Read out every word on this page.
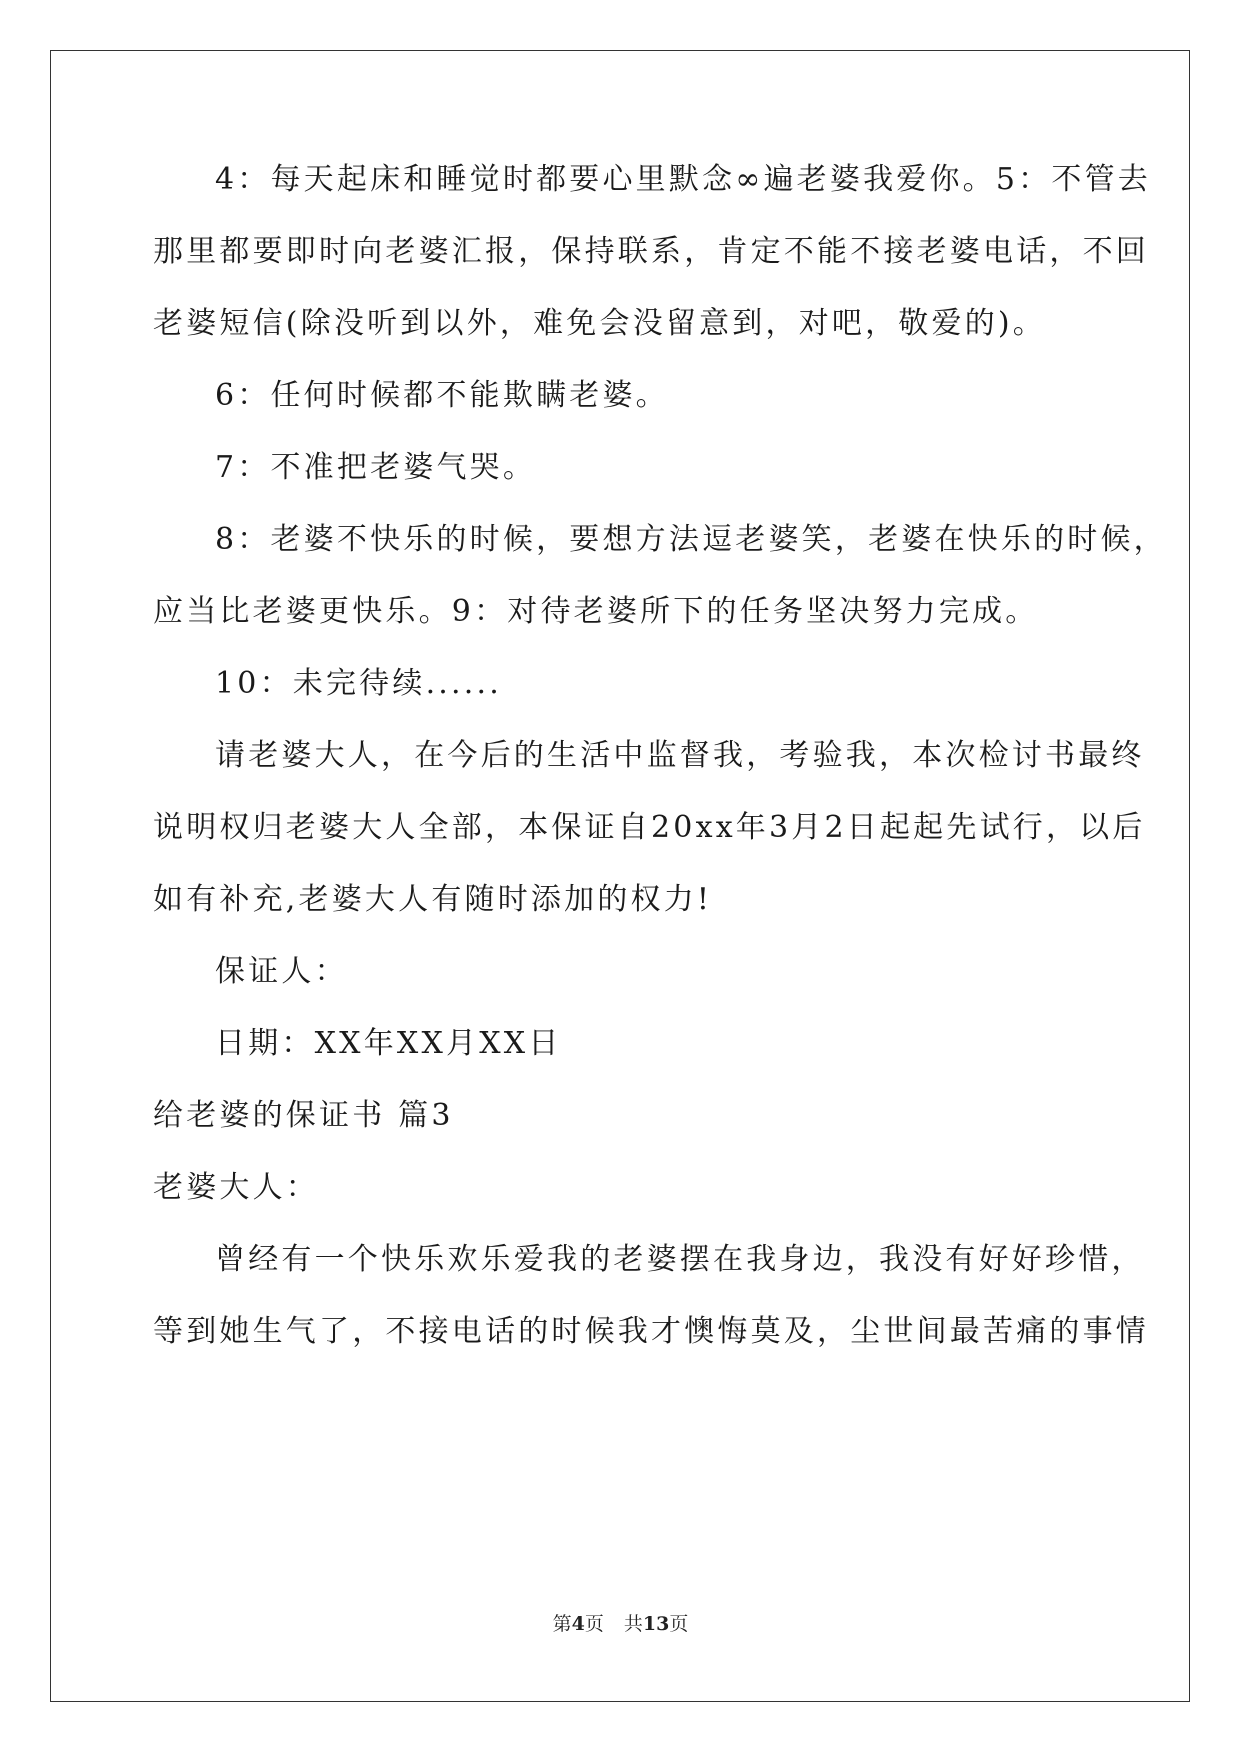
4：每天起床和睡觉时都要心里默念∞遍老婆我爱你。5：不管去
那里都要即时向老婆汇报，保持联系，肯定不能不接老婆电话，不回
老婆短信(除没听到以外，难免会没留意到，对吧，敬爱的)。
6：任何时候都不能欺瞒老婆。
7：不准把老婆气哭。
8：老婆不快乐的时候，要想方法逗老婆笑，老婆在快乐的时候，
应当比老婆更快乐。9：对待老婆所下的任务坚决努力完成。
10：未完待续......
请老婆大人，在今后的生活中监督我，考验我，本次检讨书最终
说明权归老婆大人全部，本保证自20xx年3月2日起起先试行，以后
如有补充,老婆大人有随时添加的权力!
保证人：
日期：XX年XX月XX日
给老婆的保证书 篇3
老婆大人：
曾经有一个快乐欢乐爱我的老婆摆在我身边，我没有好好珍惜，
等到她生气了，不接电话的时候我才懊悔莫及，尘世间最苦痛的事情
第4页 共13页
